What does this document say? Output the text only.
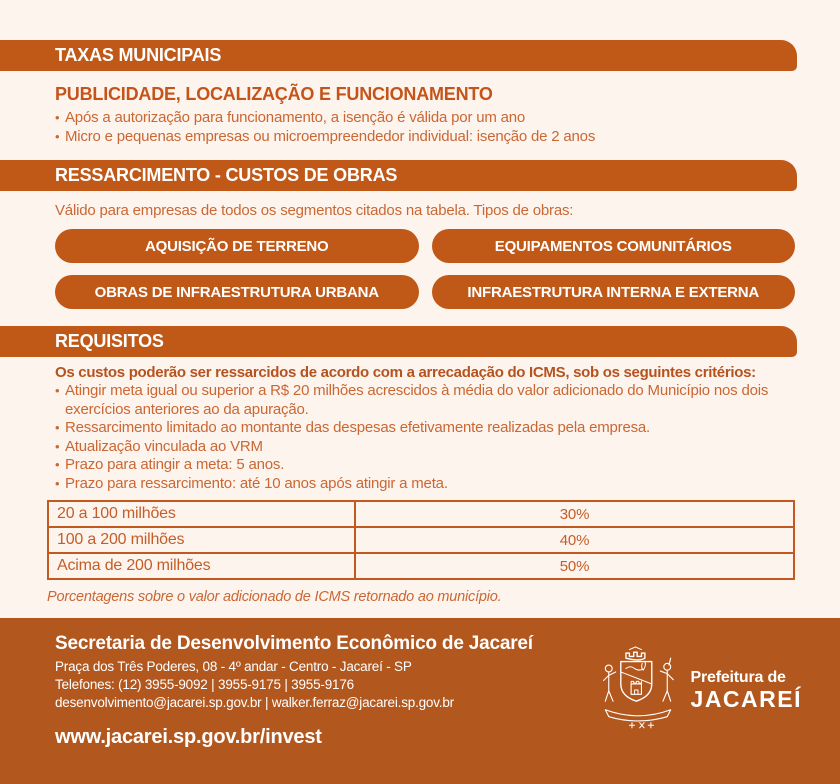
TAXAS MUNICIPAIS
PUBLICIDADE, LOCALIZAÇÃO E FUNCIONAMENTO
• Após a autorização para funcionamento, a isenção é válida por um ano
• Micro e pequenas empresas ou microempreendedor individual: isenção de 2 anos
RESSARCIMENTO - CUSTOS DE OBRAS
Válido para empresas de todos os segmentos citados na tabela. Tipos de obras:
AQUISIÇÃO DE TERRENO	EQUIPAMENTOS COMUNITÁRIOS
OBRAS DE INFRAESTRUTURA URBANA	INFRAESTRUTURA INTERNA E EXTERNA
REQUISITOS

Os custos poderão ser ressarcidos de acordo com a arrecadação do ICMS, sob os seguintes critérios:

• Atingir meta igual ou superior a R$ 20 milhões acrescidos à média do valor adicionado do Município nos dois exercícios anteriores ao da apuração.
• Ressarcimento limitado ao montante das despesas efetivamente realizadas pela empresa.
• Atualização vinculada ao VRM
• Prazo para atingir a meta: 5 anos.
• Prazo para ressarcimento: até 10 anos após atingir a meta.
20 a 100 milhões	30%
100 a 200 milhões	40%
Acima de 200 milhões	50%
Porcentagens sobre o valor adicionado de ICMS retornado ao município.
Secretaria de Desenvolvimento Econômico de Jacareí
Praça dos Três Poderes, 08 - 4º andar - Centro - Jacareí - SP
Telefones: (12) 3955-9092 | 3955-9175 | 3955-9176
desenvolvimento@jacarei.sp.gov.br | walker.ferraz@jacarei.sp.gov.br
www.jacarei.sp.gov.br/invest
Prefeitura de
JACAREÍ
